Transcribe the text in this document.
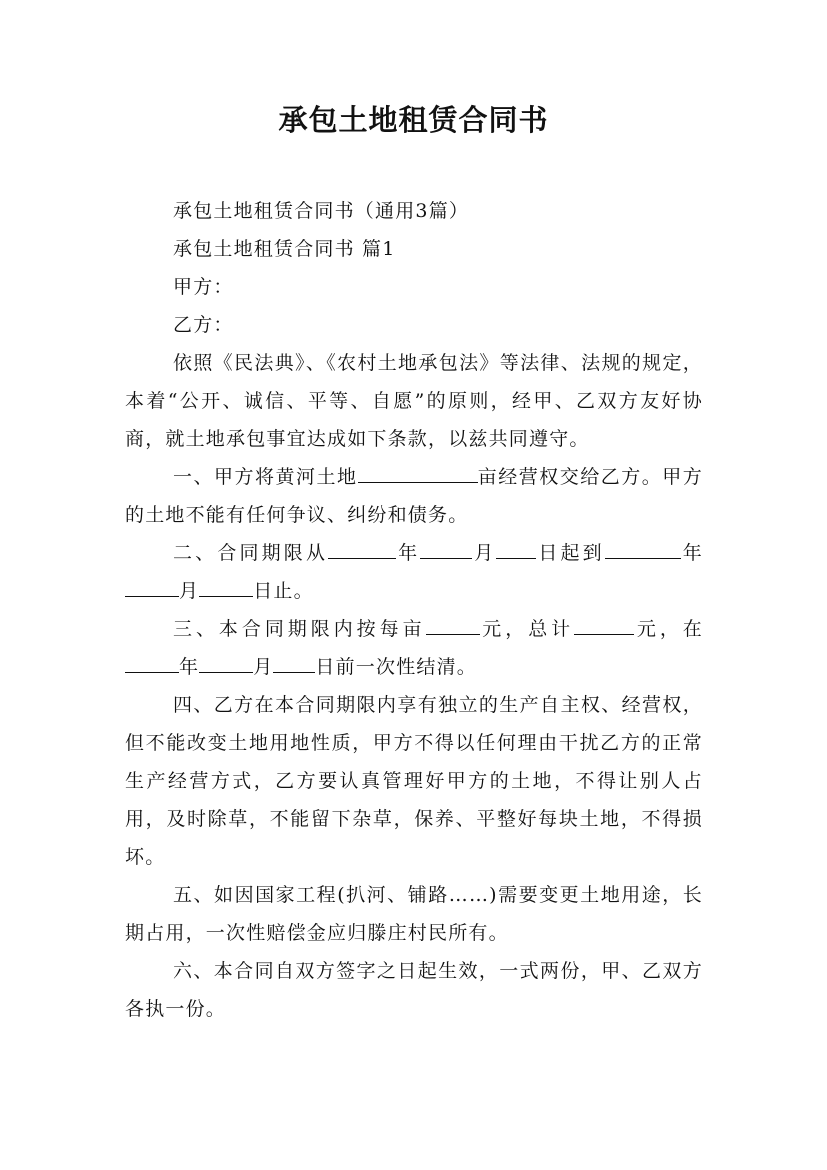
承包土地租赁合同书

承包土地租赁合同书（通用3篇）

承包土地租赁合同书 篇1

甲方：

乙方：

依照《民法典》、《农村土地承包法》等法律、法规的规定，本着“公开、诚信、平等、自愿”的原则，经甲、乙双方友好协商，就土地承包事宜达成如下条款，以兹共同遵守。

一、甲方将黄河土地	亩经营权交给乙方。甲方的土地不能有任何争议、纠纷和债务。

二、合同期限从	年	月 日起到	年月	日止。

三、本合同期限内按每亩	元，总计	元，在年	月 日前一次性结清。

四、乙方在本合同期限内享有独立的生产自主权、经营权，但不能改变土地用地性质，甲方不得以任何理由干扰乙方的正常生产经营方式，乙方要认真管理好甲方的土地，不得让别人占用，及时除草，不能留下杂草，保养、平整好每块土地，不得损坏。

五、如因国家工程(扒河、铺路……)需要变更土地用途，长期占用，一次性赔偿金应归滕庄村民所有。

六、本合同自双方签字之日起生效，一式两份，甲、乙双方各执一份。
